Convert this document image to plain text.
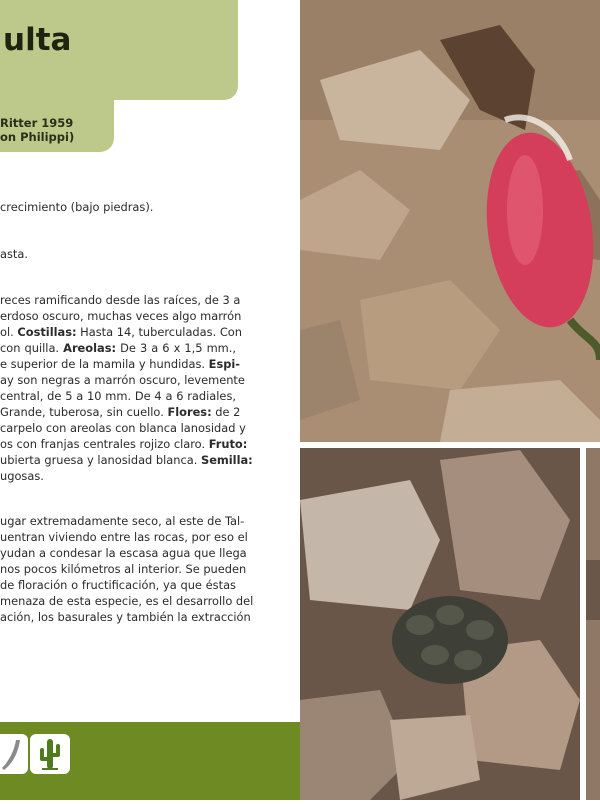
ulta
Ritter 1959
on Philippi)
crecimiento (bajo piedras).
asta.
reces ramificando desde las raíces, de 3 a
erdoso oscuro, muchas veces algo marrón
ol. Costillas: Hasta 14, tuberculadas. Con
con quilla. Areolas: De 3 a 6 x 1,5 mm.,
e superior de la mamila y hundidas. Espi-
ay son negras a marrón oscuro, levemente
central, de 5 a 10 mm. De 4 a 6 radiales,
Grande, tuberosa, sin cuello. Flores: de 2
carpelo con areolas con blanca lanosidad y
os con franjas centrales rojizo claro. Fruto:
ubierta gruesa y lanosidad blanca. Semilla:
ugosas.
ugar extremadamente seco, al este de Tal-
uentran viviendo entre las rocas, por eso el
yudan a condesar la escasa agua que llega
nos pocos kilómetros al interior. Se pueden
de floración o fructificación, ya que éstas
menaza de esta especie, es el desarrollo del
ación, los basurales y también la extracción
